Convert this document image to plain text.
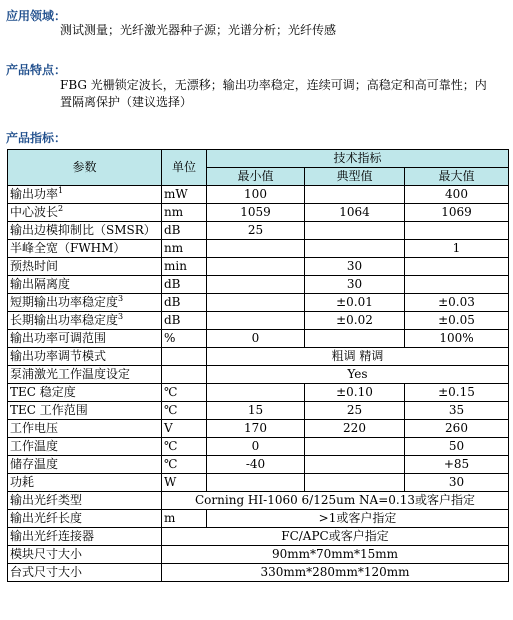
应用领域：
测试测量；光纤激光器种子源；光谱分析；光纤传感
产品特点：
FBG 光栅锁定波长，无漂移；输出功率稳定，连续可调；高稳定和高可靠性；内
置隔离保护（建议选择）
产品指标：
参数	单位	技术指标		
		最小值	典型值	最大值
输出功率$^1$	mW	100		400
中心波长$^2$	nm	1059	1064	1069
输出边模抑制比（SMSR）	dB	25		
半峰全宽（FWHM）	nm			1
预热时间	min		30	
输出隔离度	dB		30	
短期输出功率稳定度$^3$	dB		±0.01	±0.03
长期输出功率稳定度$^3$	dB		±0.02	±0.05
输出功率可调范围	%	0		100%
输出功率调节模式		粗调 精调		
泵浦激光工作温度设定		Yes		
TEC 稳定度	℃		±0.10	±0.15
TEC 工作范围	℃	15	25	35
工作电压	V	170	220	260
工作温度	℃	0		50
储存温度	℃	-40		+85
功耗	W			30
输出光纤类型	Corning HI-1060 6/125um NA=0.13或客户指定			
输出光纤长度	m	>1或客户指定		
输出光纤连接器	FC/APC或客户指定			
模块尺寸大小	90mm*70mm*15mm			
台式尺寸大小	330mm*280mm*120mm			
